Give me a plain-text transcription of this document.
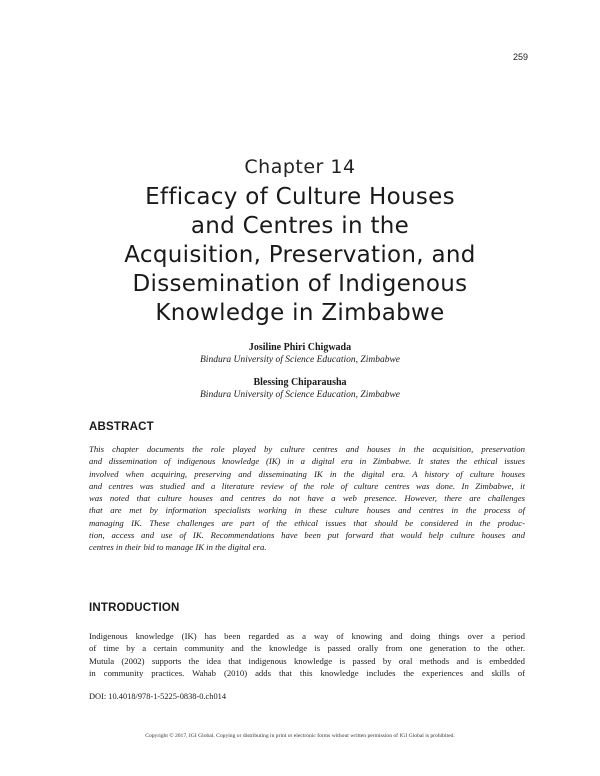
259
Chapter 14
Efficacy of Culture Houses
and Centres in the
Acquisition, Preservation, and
Dissemination of Indigenous
Knowledge in Zimbabwe
Josiline Phiri Chigwada
Bindura University of Science Education, Zimbabwe
Blessing Chiparausha
Bindura University of Science Education, Zimbabwe
ABSTRACT
This chapter documents the role played by culture centres and houses in the acquisition, preservation
and dissemination of indigenous knowledge (IK) in a digital era in Zimbabwe. It states the ethical issues
involved when acquiring, preserving and disseminating IK in the digital era. A history of culture houses
and centres was studied and a literature review of the role of culture centres was done. In Zimbabwe, it
was noted that culture houses and centres do not have a web presence. However, there are challenges
that are met by information specialists working in these culture houses and centres in the process of
managing IK. These challenges are part of the ethical issues that should be considered in the produc-
tion, access and use of IK. Recommendations have been put forward that would help culture houses and
centres in their bid to manage IK in the digital era.
INTRODUCTION
Indigenous knowledge (IK) has been regarded as a way of knowing and doing things over a period
of time by a certain community and the knowledge is passed orally from one generation to the other.
Mutula (2002) supports the idea that indigenous knowledge is passed by oral methods and is embedded
in community practices. Wahab (2010) adds that this knowledge includes the experiences and skills of
DOI: 10.4018/978-1-5225-0838-0.ch014
Copyright © 2017, IGI Global. Copying or distributing in print or electronic forms without written permission of IGI Global is prohibited.
